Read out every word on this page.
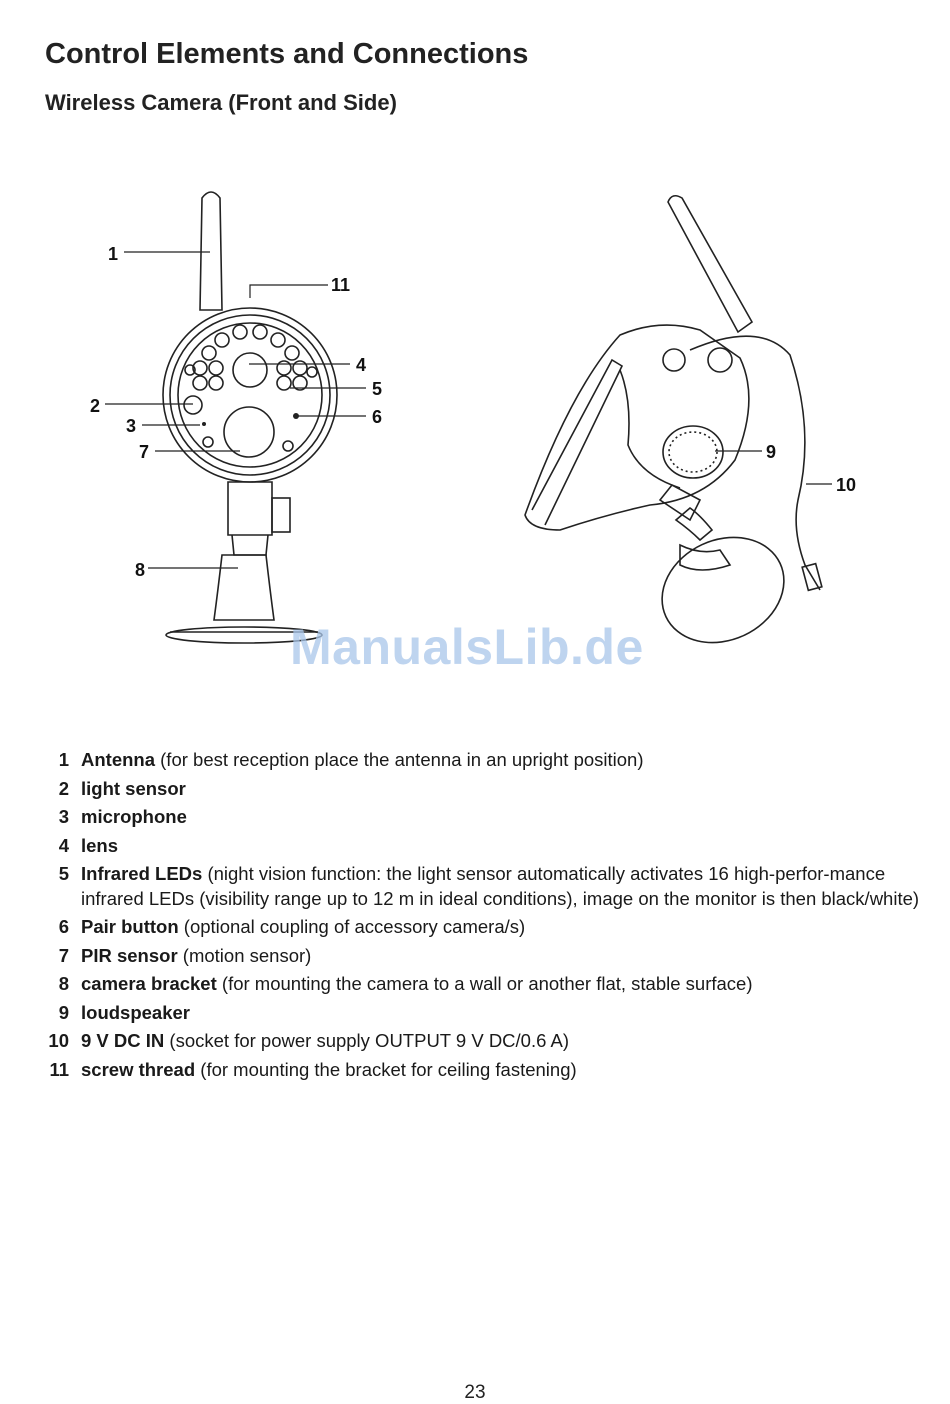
Control Elements and Connections
Wireless Camera (Front and Side)
1
2
3
4
5
6
7
8
9
10
11
ManualsLib.de
1 Antenna (for best reception place the antenna in an upright position)
2 light sensor
3 microphone
4 lens
5 Infrared LEDs (night vision function: the light sensor automatically activates 16 high-perfor-mance infrared LEDs (visibility range up to 12 m in ideal conditions), image on the monitor is then black/white)
6 Pair button (optional coupling of accessory camera/s)
7 PIR sensor (motion sensor)
8 camera bracket (for mounting the camera to a wall or another flat, stable surface)
9 loudspeaker
10 9 V DC IN (socket for power supply OUTPUT 9 V DC/0.6 A)
11 screw thread (for mounting the bracket for ceiling fastening)
23
